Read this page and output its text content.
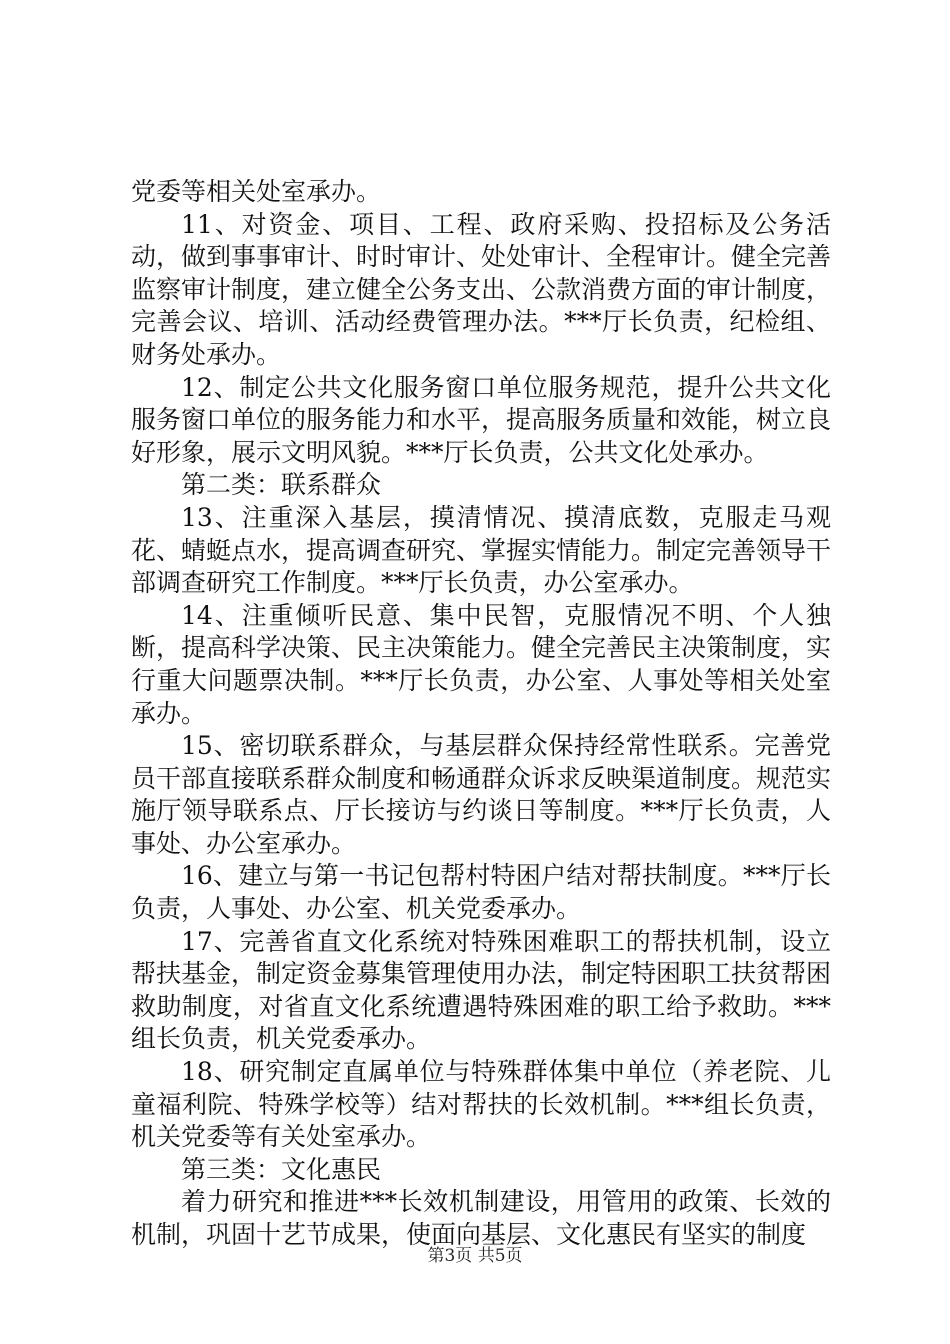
党委等相关处室承办。

11、对资金、项目、工程、政府采购、投招标及公务活动，做到事事审计、时时审计、处处审计、全程审计。健全完善监察审计制度，建立健全公务支出、公款消费方面的审计制度，完善会议、培训、活动经费管理办法。***厅长负责，纪检组、财务处承办。

12、制定公共文化服务窗口单位服务规范，提升公共文化服务窗口单位的服务能力和水平，提高服务质量和效能，树立良好形象，展示文明风貌。***厅长负责，公共文化处承办。

第二类：联系群众

13、注重深入基层，摸清情况、摸清底数，克服走马观花、蜻蜓点水，提高调查研究、掌握实情能力。制定完善领导干部调查研究工作制度。***厅长负责，办公室承办。

14、注重倾听民意、集中民智，克服情况不明、个人独断，提高科学决策、民主决策能力。健全完善民主决策制度，实行重大问题票决制。***厅长负责，办公室、人事处等相关处室承办。

15、密切联系群众，与基层群众保持经常性联系。完善党员干部直接联系群众制度和畅通群众诉求反映渠道制度。规范实施厅领导联系点、厅长接访与约谈日等制度。***厅长负责，人事处、办公室承办。

16、建立与第一书记包帮村特困户结对帮扶制度。***厅长负责，人事处、办公室、机关党委承办。

17、完善省直文化系统对特殊困难职工的帮扶机制，设立帮扶基金，制定资金募集管理使用办法，制定特困职工扶贫帮困救助制度，对省直文化系统遭遇特殊困难的职工给予救助。***组长负责，机关党委承办。

18、研究制定直属单位与特殊群体集中单位（养老院、儿童福利院、特殊学校等）结对帮扶的长效机制。***组长负责，机关党委等有关处室承办。

第三类：文化惠民

着力研究和推进***长效机制建设，用管用的政策、长效的机制，巩固十艺节成果，使面向基层、文化惠民有坚实的制度

第3页 共5页
